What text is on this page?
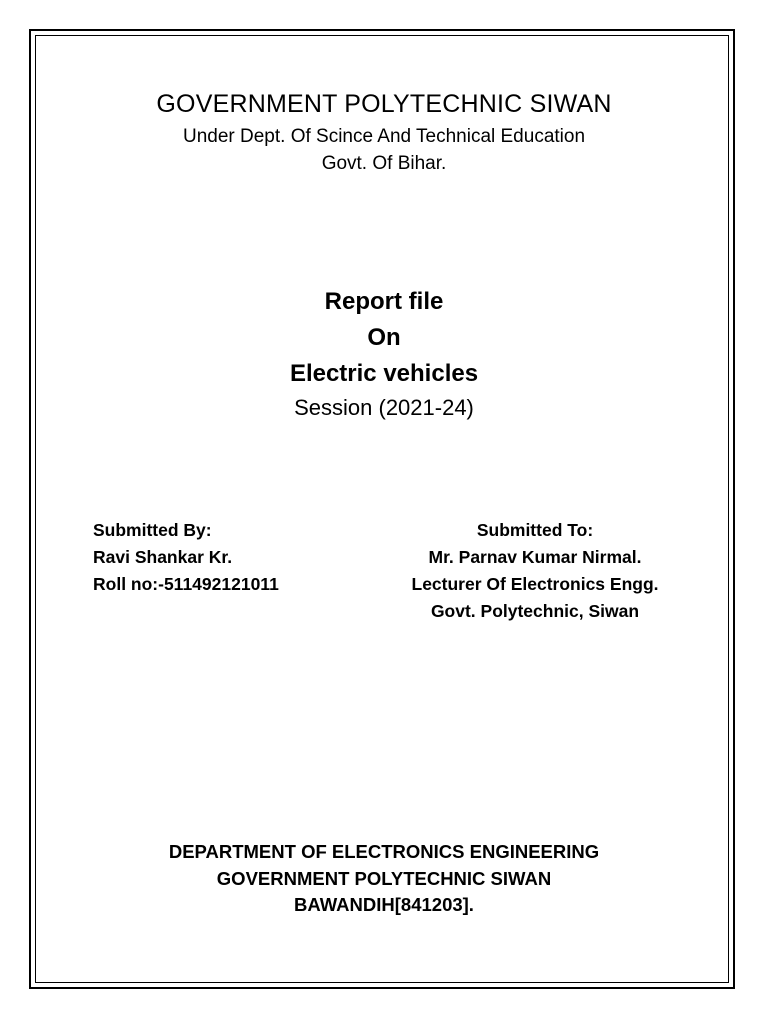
GOVERNMENT POLYTECHNIC SIWAN
Under Dept. Of Scince And Technical Education
Govt. Of Bihar.
Report file
On
Electric vehicles
Session (2021-24)
Submitted By:
Ravi Shankar Kr.
Roll no:-511492121011
Submitted To:
Mr. Parnav Kumar Nirmal.
Lecturer Of Electronics Engg.
Govt. Polytechnic, Siwan
DEPARTMENT OF ELECTRONICS ENGINEERING
GOVERNMENT POLYTECHNIC SIWAN
BAWANDIH[841203].
